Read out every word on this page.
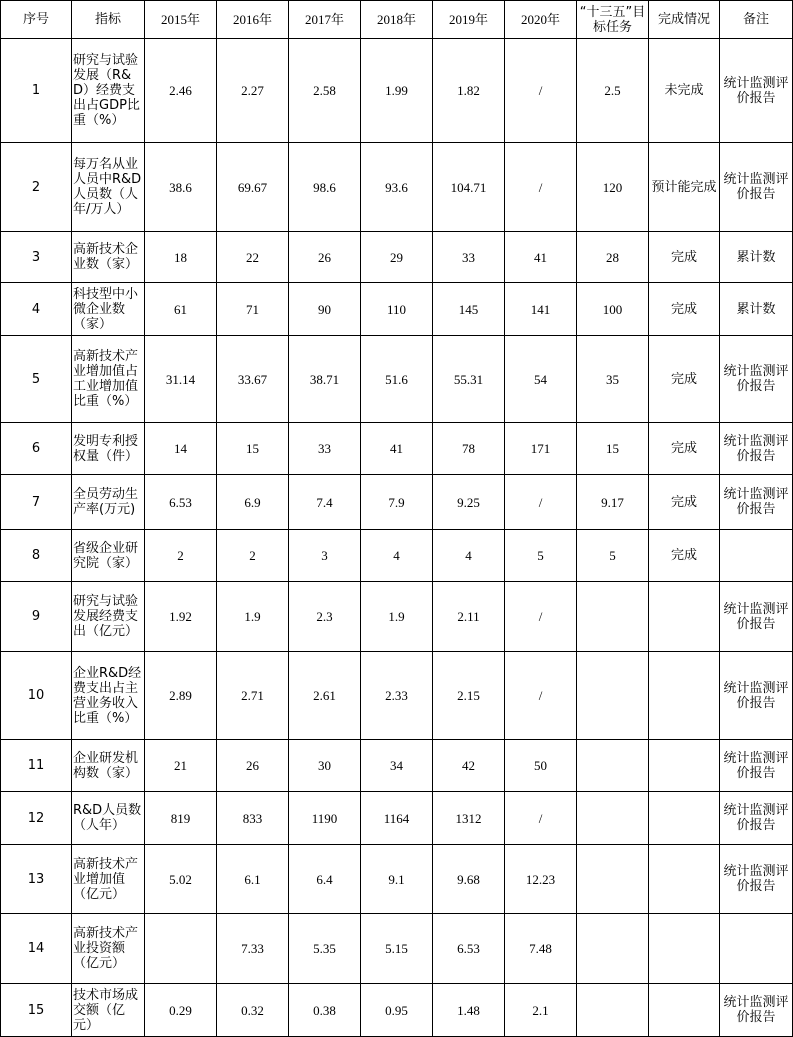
序号	指标	2015年	2016年	2017年	2018年	2019年	2020年	“十三五”目标任务	完成情况	备注
1	研究与试验发展（R&D）经费支出占GDP比重（%）	2.46	2.27	2.58	1.99	1.82	/	2.5	未完成	统计监测评价报告
2	每万名从业人员中R&D人员数（人年/万人）	38.6	69.67	98.6	93.6	104.71	/	120	预计能完成	统计监测评价报告
3	高新技术企业数（家）	18	22	26	29	33	41	28	完成	累计数
4	科技型中小微企业数（家）	61	71	90	110	145	141	100	完成	累计数
5	高新技术产业增加值占工业增加值比重（%）	31.14	33.67	38.71	51.6	55.31	54	35	完成	统计监测评价报告
6	发明专利授权量（件）	14	15	33	41	78	171	15	完成	统计监测评价报告
7	全员劳动生产率(万元)	6.53	6.9	7.4	7.9	9.25	/	9.17	完成	统计监测评价报告
8	省级企业研究院（家）	2	2	3	4	4	5	5	完成	
9	研究与试验发展经费支出（亿元）	1.92	1.9	2.3	1.9	2.11	/			统计监测评价报告
10	企业R&D经费支出占主营业务收入比重（%）	2.89	2.71	2.61	2.33	2.15	/			统计监测评价报告
11	企业研发机构数（家）	21	26	30	34	42	50			统计监测评价报告
12	R&D人员数（人年）	819	833	1190	1164	1312	/			统计监测评价报告
13	高新技术产业增加值（亿元）	5.02	6.1	6.4	9.1	9.68	12.23			统计监测评价报告
14	高新技术产业投资额（亿元）		7.33	5.35	5.15	6.53	7.48			
15	技术市场成交额（亿元）	0.29	0.32	0.38	0.95	1.48	2.1			统计监测评价报告
